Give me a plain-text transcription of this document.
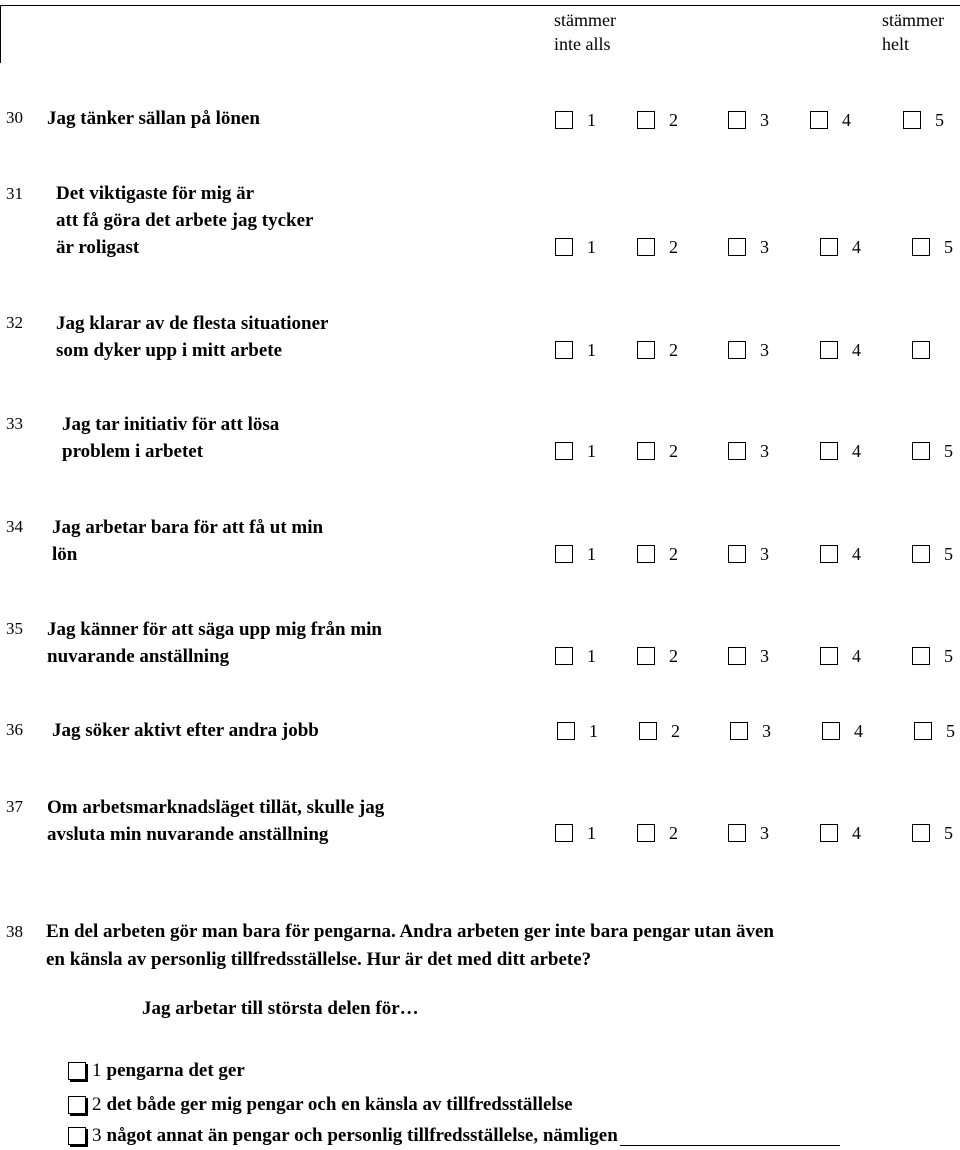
stämmer
inte alls
stämmer
helt
30 Jag tänker sällan på lönen	1	2	3	4	5
31 Det viktigaste för mig är
att få göra det arbete jag tycker
är roligast	1	2	3	4	5
32 Jag klarar av de flesta situationer
som dyker upp i mitt arbete	1	2	3	4
33 Jag tar initiativ för att lösa
problem i arbetet	1	2	3	4	5
34 Jag arbetar bara för att få ut min
lön	1	2	3	4	5
35 Jag känner för att säga upp mig från min
nuvarande anställning	1	2	3	4	5
36 Jag söker aktivt efter andra jobb	1	2	3	4	5
37 Om arbetsmarknadsläget tillät, skulle jag
avsluta min nuvarande anställning	1	2	3	4	5
38 En del arbeten gör man bara för pengarna. Andra arbeten ger inte bara pengar utan även
en känsla av personlig tillfredsställelse. Hur är det med ditt arbete?
Jag arbetar till största delen för…
1 pengarna det ger
2 det både ger mig pengar och en känsla av tillfredsställelse
3 något annat än pengar och personlig tillfredsställelse, nämligen
